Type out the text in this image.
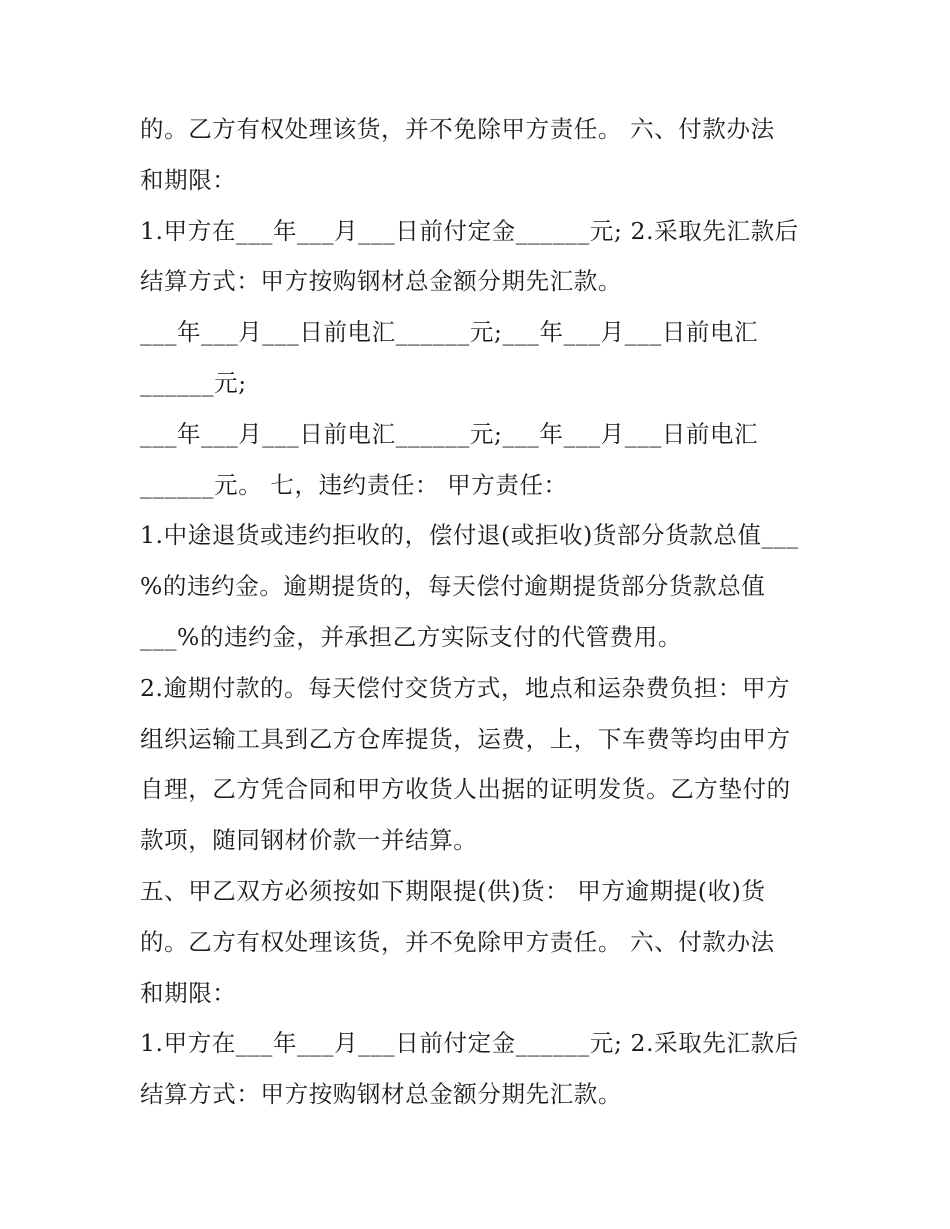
的。乙方有权处理该货，并不免除甲方责任。 六、付款办法
和期限：
1.甲方在___年___月___日前付定金______元; 2.采取先汇款后
结算方式：甲方按购钢材总金额分期先汇款。
___年___月___日前电汇______元;___年___月___日前电汇
______元;
___年___月___日前电汇______元;___年___月___日前电汇
______元。 七，违约责任： 甲方责任：
1.中途退货或违约拒收的，偿付退(或拒收)货部分货款总值___
%的违约金。逾期提货的，每天偿付逾期提货部分货款总值
___%的违约金，并承担乙方实际支付的代管费用。
2.逾期付款的。每天偿付交货方式，地点和运杂费负担：甲方
组织运输工具到乙方仓库提货，运费，上，下车费等均由甲方
自理，乙方凭合同和甲方收货人出据的证明发货。乙方垫付的
款项，随同钢材价款一并结算。
五、甲乙双方必须按如下期限提(供)货： 甲方逾期提(收)货
的。乙方有权处理该货，并不免除甲方责任。 六、付款办法
和期限：
1.甲方在___年___月___日前付定金______元; 2.采取先汇款后
结算方式：甲方按购钢材总金额分期先汇款。
